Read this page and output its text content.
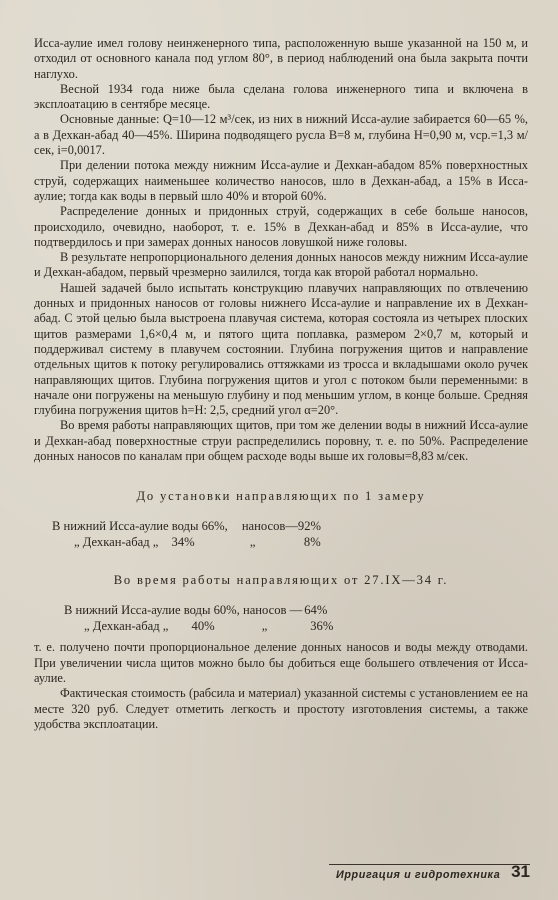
Исса-аулие имел голову неинженерного типа, расположенную выше указанной на 150 м, и отходил от основного канала под углом 80°, в период наблюдений она была закрыта почти наглухо.

Весной 1934 года ниже была сделана голова инженерного типа и включена в эксплоатацию в сентябре месяце.

Основные данные: Q=10—12 м³/сек, из них в нижний Исса-аулие забирается 60—65 %, а в Дехкан-абад 40—45%. Ширина подводящего русла B=8 м, глубина H=0,90 м, vср.=1,3 м/сек, i=0,0017.

При делении потока между нижним Исса-аулие и Дехкан-абадом 85% поверхностных струй, содержащих наименьшее количество наносов, шло в Дехкан-абад, а 15% в Исса-аулие; тогда как воды в первый шло 40% и второй 60%.

Распределение донных и придонных струй, содержащих в себе больше наносов, происходило, очевидно, наоборот, т. е. 15% в Дехкан-абад и 85% в Исса-аулие, что подтвердилось и при замерах донных наносов ловушкой ниже головы.

В результате непропорционального деления донных наносов между нижним Исса-аулие и Дехкан-абадом, первый чрезмерно заилился, тогда как второй работал нормально.

Нашей задачей было испытать конструкцию плавучих направляющих по отвлечению донных и придонных наносов от головы нижнего Исса-аулие и направление их в Дехкан-абад. С этой целью была выстроена плавучая система, которая состояла из четырех плоских щитов размерами 1,6×0,4 м, и пятого щита поплавка, размером 2×0,7 м, который и поддерживал систему в плавучем состоянии. Глубина погружения щитов и направление отдельных щитов к потоку регулировались оттяжками из тросса и вкладышами около ручек направляющих щитов. Глубина погружения щитов и угол с потоком были переменными: в начале они погружены на меньшую глубину и под меньшим углом, в конце больше. Средняя глубина погружения щитов h=H: 2,5, средний угол α=20°.

Во время работы направляющих щитов, при том же делении воды в нижний Исса-аулие и Дехкан-абад поверхностные струи распределились поровну, т. е. по 50%. Распределение донных наносов по каналам при общем расходе воды выше их головы=8,83 м/сек.

До установки направляющих по 1 замеру

В нижний Исса-аулие воды 66%,	наносов—	92%
„ Дехкан-абад „ 34%	„	8%

Во время работы направляющих от 27.IX—34 г.

В нижний Исса-аулие воды 60%, наносов —	64%
„ Дехкан-абад „ 40% „	36%

т. е. получено почти пропорциональное деление донных наносов и воды между отводами. При увеличении числа щитов можно было бы добиться еще большего отвлечения от Исса-аулие.

Фактическая стоимость (рабсила и материал) указанной системы с установлением ее на месте 320 руб. Следует отметить легкость и простоту изготовления системы, а также удобства эксплоатации.

Ирригация и гидротехника 31
